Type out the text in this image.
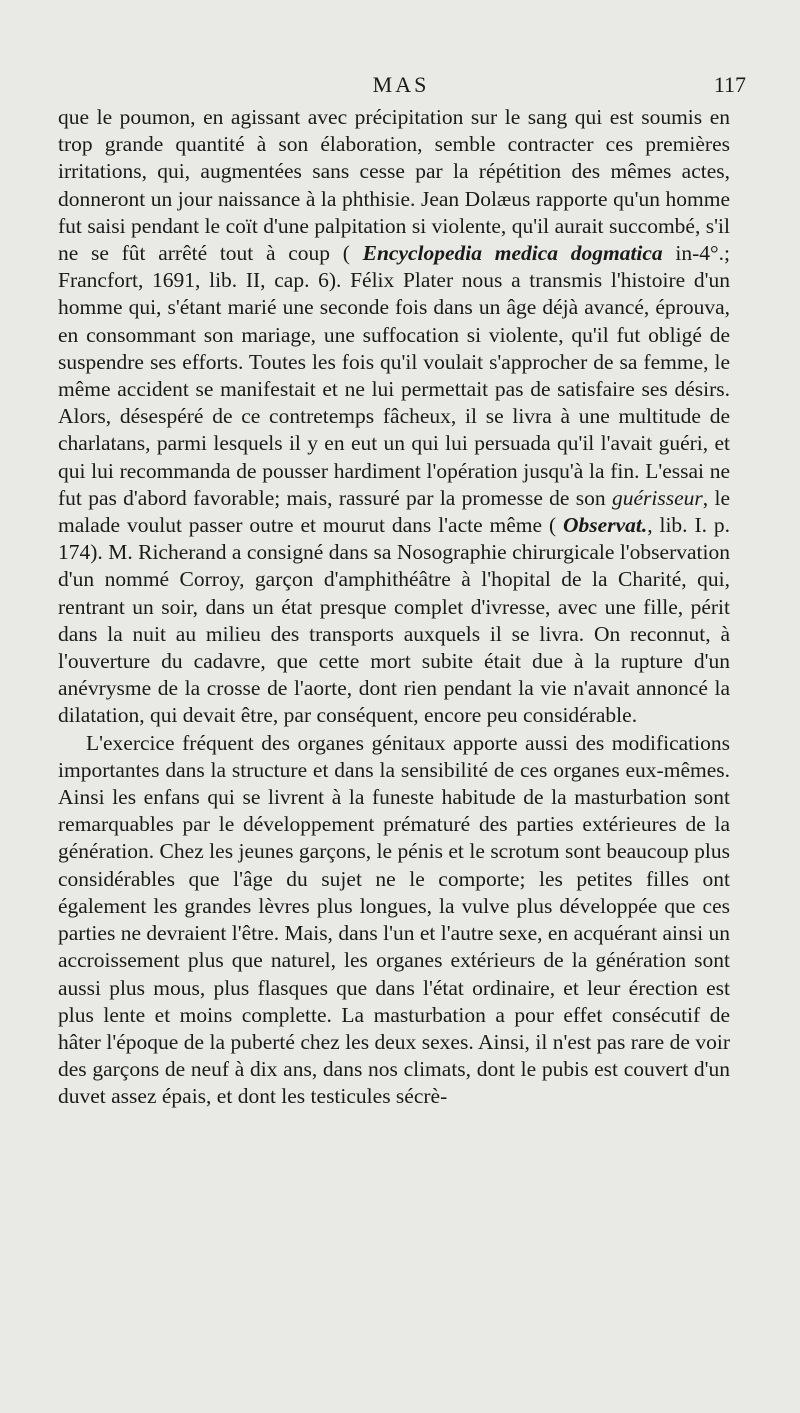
MAS	117

que le poumon, en agissant avec précipitation sur le sang qui est soumis en trop grande quantité à son élaboration, semble contracter ces premières irritations, qui, augmentées sans cesse par la répétition des mêmes actes, donneront un jour naissance à la phthisie. Jean Dolæus rapporte qu'un homme fut saisi pendant le coït d'une palpitation si violente, qu'il aurait succombé, s'il ne se fût arrêté tout à coup ( Encyclopedia medica dogmatica in-4°.; Francfort, 1691, lib. II, cap. 6). Félix Plater nous a transmis l'histoire d'un homme qui, s'étant marié une seconde fois dans un âge déjà avancé, éprouva, en consommant son mariage, une suffocation si violente, qu'il fut obligé de suspendre ses efforts. Toutes les fois qu'il voulait s'approcher de sa femme, le même accident se manifestait et ne lui permettait pas de satisfaire ses désirs. Alors, désespéré de ce contretemps fâcheux, il se livra à une multitude de charlatans, parmi lesquels il y en eut un qui lui persuada qu'il l'avait guéri, et qui lui recommanda de pousser hardiment l'opération jusqu'à la fin. L'essai ne fut pas d'abord favorable; mais, rassuré par la promesse de son guérisseur, le malade voulut passer outre et mourut dans l'acte même ( Observat., lib. I. p. 174). M. Richerand a consigné dans sa Nosographie chirurgicale l'observation d'un nommé Corroy, garçon d'amphithéâtre à l'hopital de la Charité, qui, rentrant un soir, dans un état presque complet d'ivresse, avec une fille, périt dans la nuit au milieu des transports auxquels il se livra. On reconnut, à l'ouverture du cadavre, que cette mort subite était due à la rupture d'un anévrysme de la crosse de l'aorte, dont rien pendant la vie n'avait annoncé la dilatation, qui devait être, par conséquent, encore peu considérable.

L'exercice fréquent des organes génitaux apporte aussi des modifications importantes dans la structure et dans la sensibilité de ces organes eux-mêmes. Ainsi les enfans qui se livrent à la funeste habitude de la masturbation sont remarquables par le développement prématuré des parties extérieures de la génération. Chez les jeunes garçons, le pénis et le scrotum sont beaucoup plus considérables que l'âge du sujet ne le comporte; les petites filles ont également les grandes lèvres plus longues, la vulve plus développée que ces parties ne devraient l'être. Mais, dans l'un et l'autre sexe, en acquérant ainsi un accroissement plus que naturel, les organes extérieurs de la génération sont aussi plus mous, plus flasques que dans l'état ordinaire, et leur érection est plus lente et moins complette. La masturbation a pour effet consécutif de hâter l'époque de la puberté chez les deux sexes. Ainsi, il n'est pas rare de voir des garçons de neuf à dix ans, dans nos climats, dont le pubis est couvert d'un duvet assez épais, et dont les testicules sécrè-
